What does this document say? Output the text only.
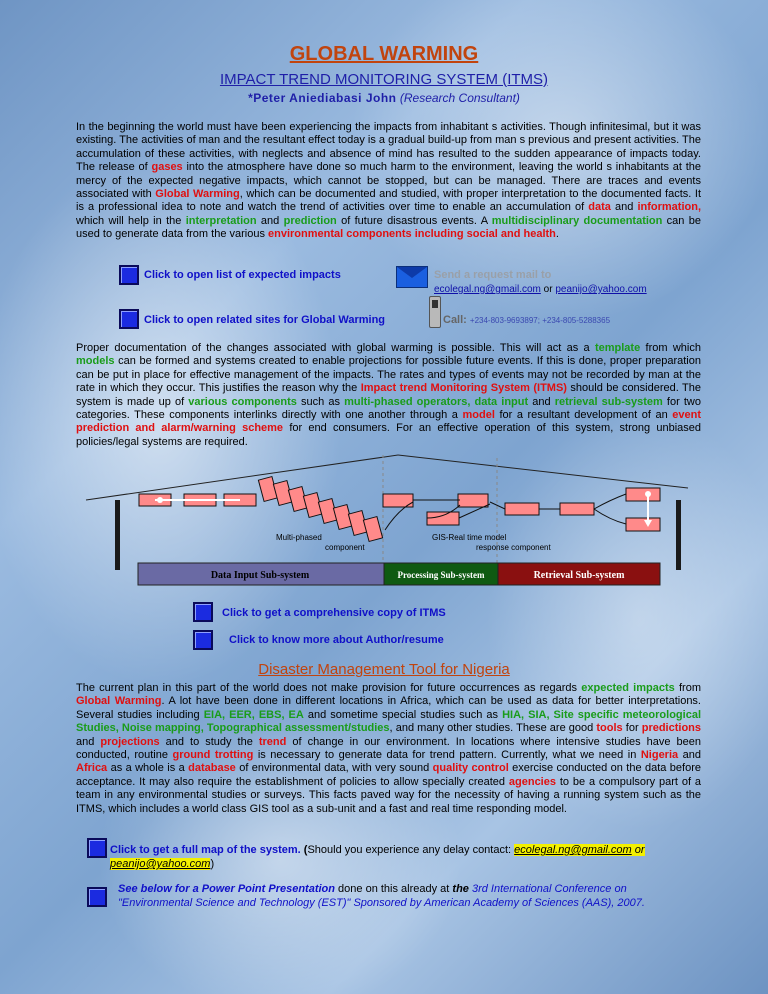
GLOBAL WARMING
IMPACT TREND MONITORING SYSTEM (ITMS)
*Peter Aniediabasi John (Research Consultant)
In the beginning the world must have been experiencing the impacts from inhabitant s activities. Though infinitesimal, but it was existing. The activities of man and the resultant effect today is a gradual build-up from man s previous and present activities. The accumulation of these activities, with neglects and absence of mind has resulted to the sudden appearance of impacts today. The release of gases into the atmosphere have done so much harm to the environment, leaving the world s inhabitants at the mercy of the expected negative impacts, which cannot be stopped, but can be managed. There are traces and events associated with Global Warming, which can be documented and studied, with proper interpretation to the documented facts. It is a professional idea to note and watch the trend of activities over time to enable an accumulation of data and information, which will help in the interpretation and prediction of future disastrous events. A multidisciplinary documentation can be used to generate data from the various environmental components including social and health.
Click to open list of expected impacts	Send a request mail to
ecolegal.ng@gmail.com or peanijo@yahoo.com
Click to open related sites for Global Warming	Call: +234-803-9693897; +234-805-5288365
Proper documentation of the changes associated with global warming is possible. This will act as a template from which models can be formed and systems created to enable projections for possible future events. If this is done, proper preparation can be put in place for effective management of the impacts. The rates and types of events may not be recorded by man at the rate in which they occur. This justifies the reason why the Impact trend Monitoring System (ITMS) should be considered. The system is made up of various components such as multi-phased operators, data input and retrieval sub-system for two categories. These components interlinks directly with one another through a model for a resultant development of an event prediction and alarm/warning scheme for end consumers. For an effective operation of this system, strong unbiased policies/legal systems are required.
Multi-phased
component
GIS-Real time model
response component
Data Input Sub-system	Processing Sub-system	Retrieval Sub-system
Click to get a comprehensive copy of ITMS
Click to know more about Author/resume
Disaster Management Tool for Nigeria
The current plan in this part of the world does not make provision for future occurrences as regards expected impacts from Global Warming. A lot have been done in different locations in Africa, which can be used as data for better interpretations. Several studies including EIA, EER, EBS, EA and sometime special studies such as HIA, SIA, Site specific meteorological Studies, Noise mapping, Topographical assessment/studies, and many other studies. These are good tools for predictions and projections and to study the trend of change in our environment. In locations where intensive studies have been conducted, routine ground trotting is necessary to generate data for trend pattern. Currently, what we need in Nigeria and Africa as a whole is a database of environmental data, with very sound quality control exercise conducted on the data before acceptance. It may also require the establishment of policies to allow specially created agencies to be a compulsory part of a team in any environmental studies or surveys. This facts paved way for the necessity of having a running system such as the ITMS, which includes a world class GIS tool as a sub-unit and a fast and real time responding model.
Click to get a full map of the system. (Should you experience any delay contact: ecolegal.ng@gmail.com or
peanijo@yahoo.com)
See below for a Power Point Presentation done on this already at the 3rd International Conference on
"Environmental Science and Technology (EST)" Sponsored by American Academy of Sciences (AAS), 2007.
